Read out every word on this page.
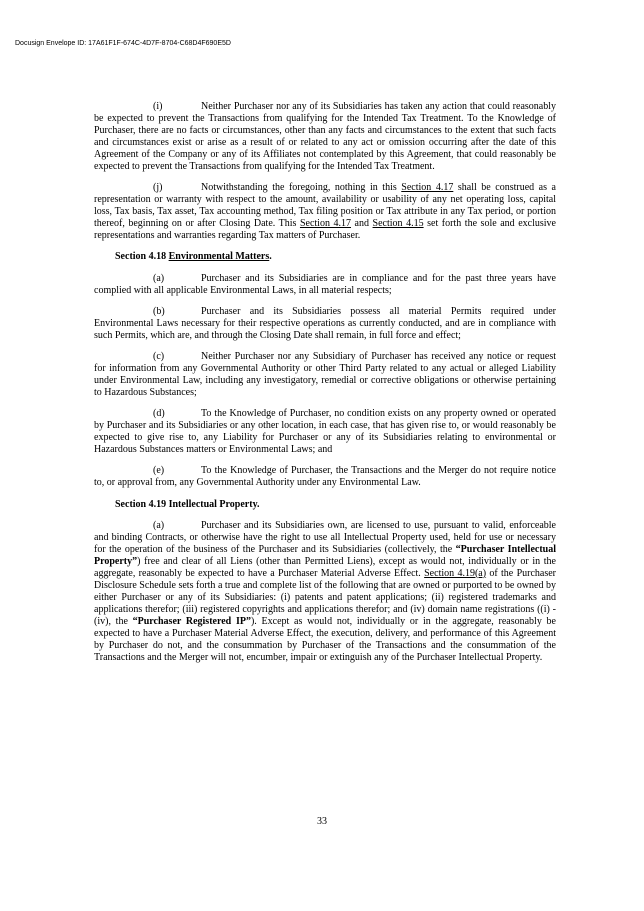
Docusign Envelope ID: 17A61F1F-674C-4D7F-8704-C68D4F690E5D

(i)	Neither Purchaser nor any of its Subsidiaries has taken any action that could reasonably be expected to prevent the Transactions from qualifying for the Intended Tax Treatment. To the Knowledge of Purchaser, there are no facts or circumstances, other than any facts and circumstances to the extent that such facts and circumstances exist or arise as a result of or related to any act or omission occurring after the date of this Agreement of the Company or any of its Affiliates not contemplated by this Agreement, that could reasonably be expected to prevent the Transactions from qualifying for the Intended Tax Treatment.

(j)	Notwithstanding the foregoing, nothing in this Section 4.17 shall be construed as a representation or warranty with respect to the amount, availability or usability of any net operating loss, capital loss, Tax basis, Tax asset, Tax accounting method, Tax filing position or Tax attribute in any Tax period, or portion thereof, beginning on or after Closing Date. This Section 4.17 and Section 4.15 set forth the sole and exclusive representations and warranties regarding Tax matters of Purchaser.

Section 4.18 Environmental Matters.

(a)	Purchaser and its Subsidiaries are in compliance and for the past three years have complied with all applicable Environmental Laws, in all material respects;

(b)	Purchaser and its Subsidiaries possess all material Permits required under Environmental Laws necessary for their respective operations as currently conducted, and are in compliance with such Permits, which are, and through the Closing Date shall remain, in full force and effect;

(c)	Neither Purchaser nor any Subsidiary of Purchaser has received any notice or request for information from any Governmental Authority or other Third Party related to any actual or alleged Liability under Environmental Law, including any investigatory, remedial or corrective obligations or otherwise pertaining to Hazardous Substances;

(d)	To the Knowledge of Purchaser, no condition exists on any property owned or operated by Purchaser and its Subsidiaries or any other location, in each case, that has given rise to, or would reasonably be expected to give rise to, any Liability for Purchaser or any of its Subsidiaries relating to environmental or Hazardous Substances matters or Environmental Laws; and

(e)	To the Knowledge of Purchaser, the Transactions and the Merger do not require notice to, or approval from, any Governmental Authority under any Environmental Law.

Section 4.19 Intellectual Property.

(a)	Purchaser and its Subsidiaries own, are licensed to use, pursuant to valid, enforceable and binding Contracts, or otherwise have the right to use all Intellectual Property used, held for use or necessary for the operation of the business of the Purchaser and its Subsidiaries (collectively, the “Purchaser Intellectual Property”) free and clear of all Liens (other than Permitted Liens), except as would not, individually or in the aggregate, reasonably be expected to have a Purchaser Material Adverse Effect. Section 4.19(a) of the Purchaser Disclosure Schedule sets forth a true and complete list of the following that are owned or purported to be owned by either Purchaser or any of its Subsidiaries: (i) patents and patent applications; (ii) registered trademarks and applications therefor; (iii) registered copyrights and applications therefor; and (iv) domain name registrations ((i) - (iv), the “Purchaser Registered IP”). Except as would not, individually or in the aggregate, reasonably be expected to have a Purchaser Material Adverse Effect, the execution, delivery, and performance of this Agreement by Purchaser do not, and the consummation by Purchaser of the Transactions and the consummation of the Transactions and the Merger will not, encumber, impair or extinguish any of the Purchaser Intellectual Property.

33
